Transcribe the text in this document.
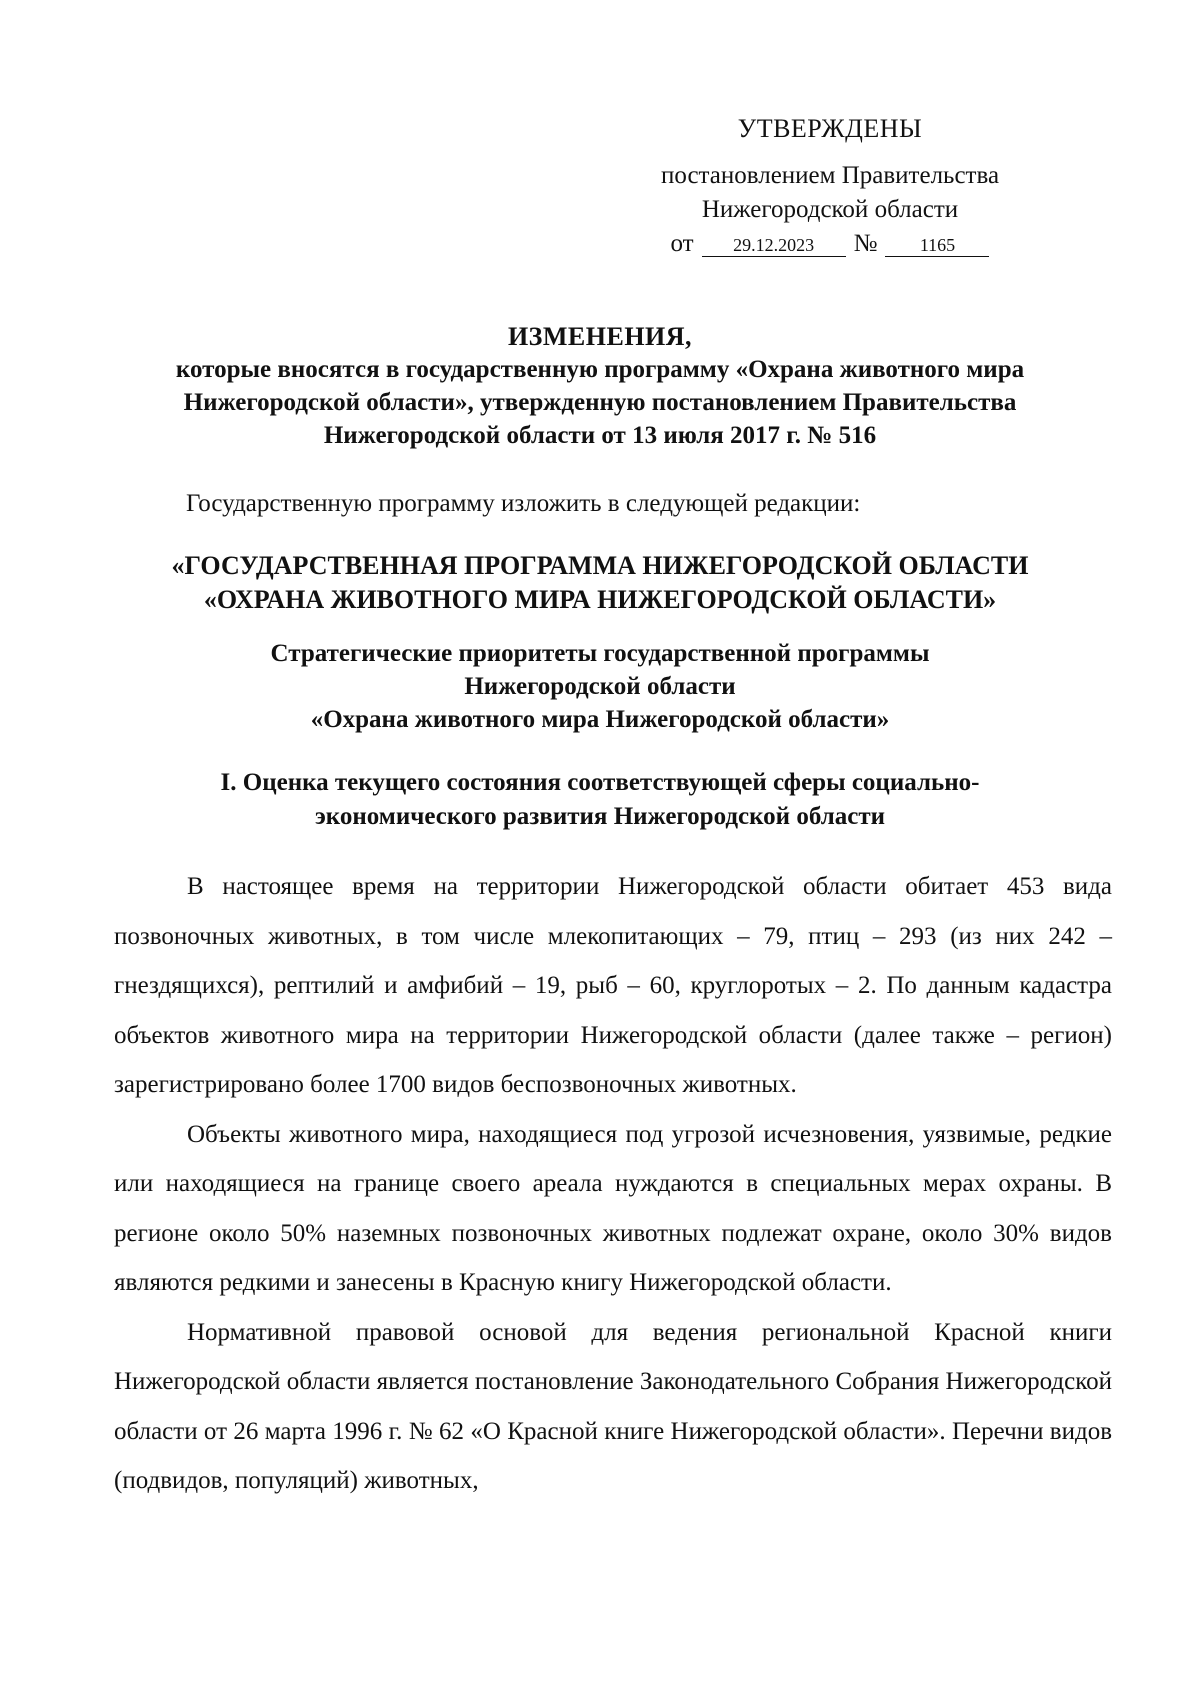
УТВЕРЖДЕНЫ
постановлением Правительства
Нижегородской области
от	29.12.2023	№	1165
ИЗМЕНЕНИЯ,
которые вносятся в государственную программу «Охрана животного мира
Нижегородской области», утвержденную постановлением Правительства
Нижегородской области от 13 июля 2017 г. № 516
Государственную программу изложить в следующей редакции:
«ГОСУДАРСТВЕННАЯ ПРОГРАММА НИЖЕГОРОДСКОЙ ОБЛАСТИ
«ОХРАНА ЖИВОТНОГО МИРА НИЖЕГОРОДСКОЙ ОБЛАСТИ»
Стратегические приоритеты государственной программы
Нижегородской области
«Охрана животного мира Нижегородской области»
I. Оценка текущего состояния соответствующей сферы социально-
экономического развития Нижегородской области

В настоящее время на территории Нижегородской области обитает 453 вида позвоночных животных, в том числе млекопитающих – 79, птиц – 293 (из них 242 – гнездящихся), рептилий и амфибий – 19, рыб – 60, круглоротых – 2. По данным кадастра объектов животного мира на территории Нижегородской области (далее также – регион) зарегистрировано более 1700 видов беспозвоночных животных.

Объекты животного мира, находящиеся под угрозой исчезновения, уязвимые, редкие или находящиеся на границе своего ареала нуждаются в специальных мерах охраны. В регионе около 50% наземных позвоночных животных подлежат охране, около 30% видов являются редкими и занесены в Красную книгу Нижегородской области.

Нормативной правовой основой для ведения региональной Красной книги Нижегородской области является постановление Законодательного Собрания Нижегородской области от 26 марта 1996 г. № 62 «О Красной книге Нижегородской области». Перечни видов (подвидов, популяций) животных,
